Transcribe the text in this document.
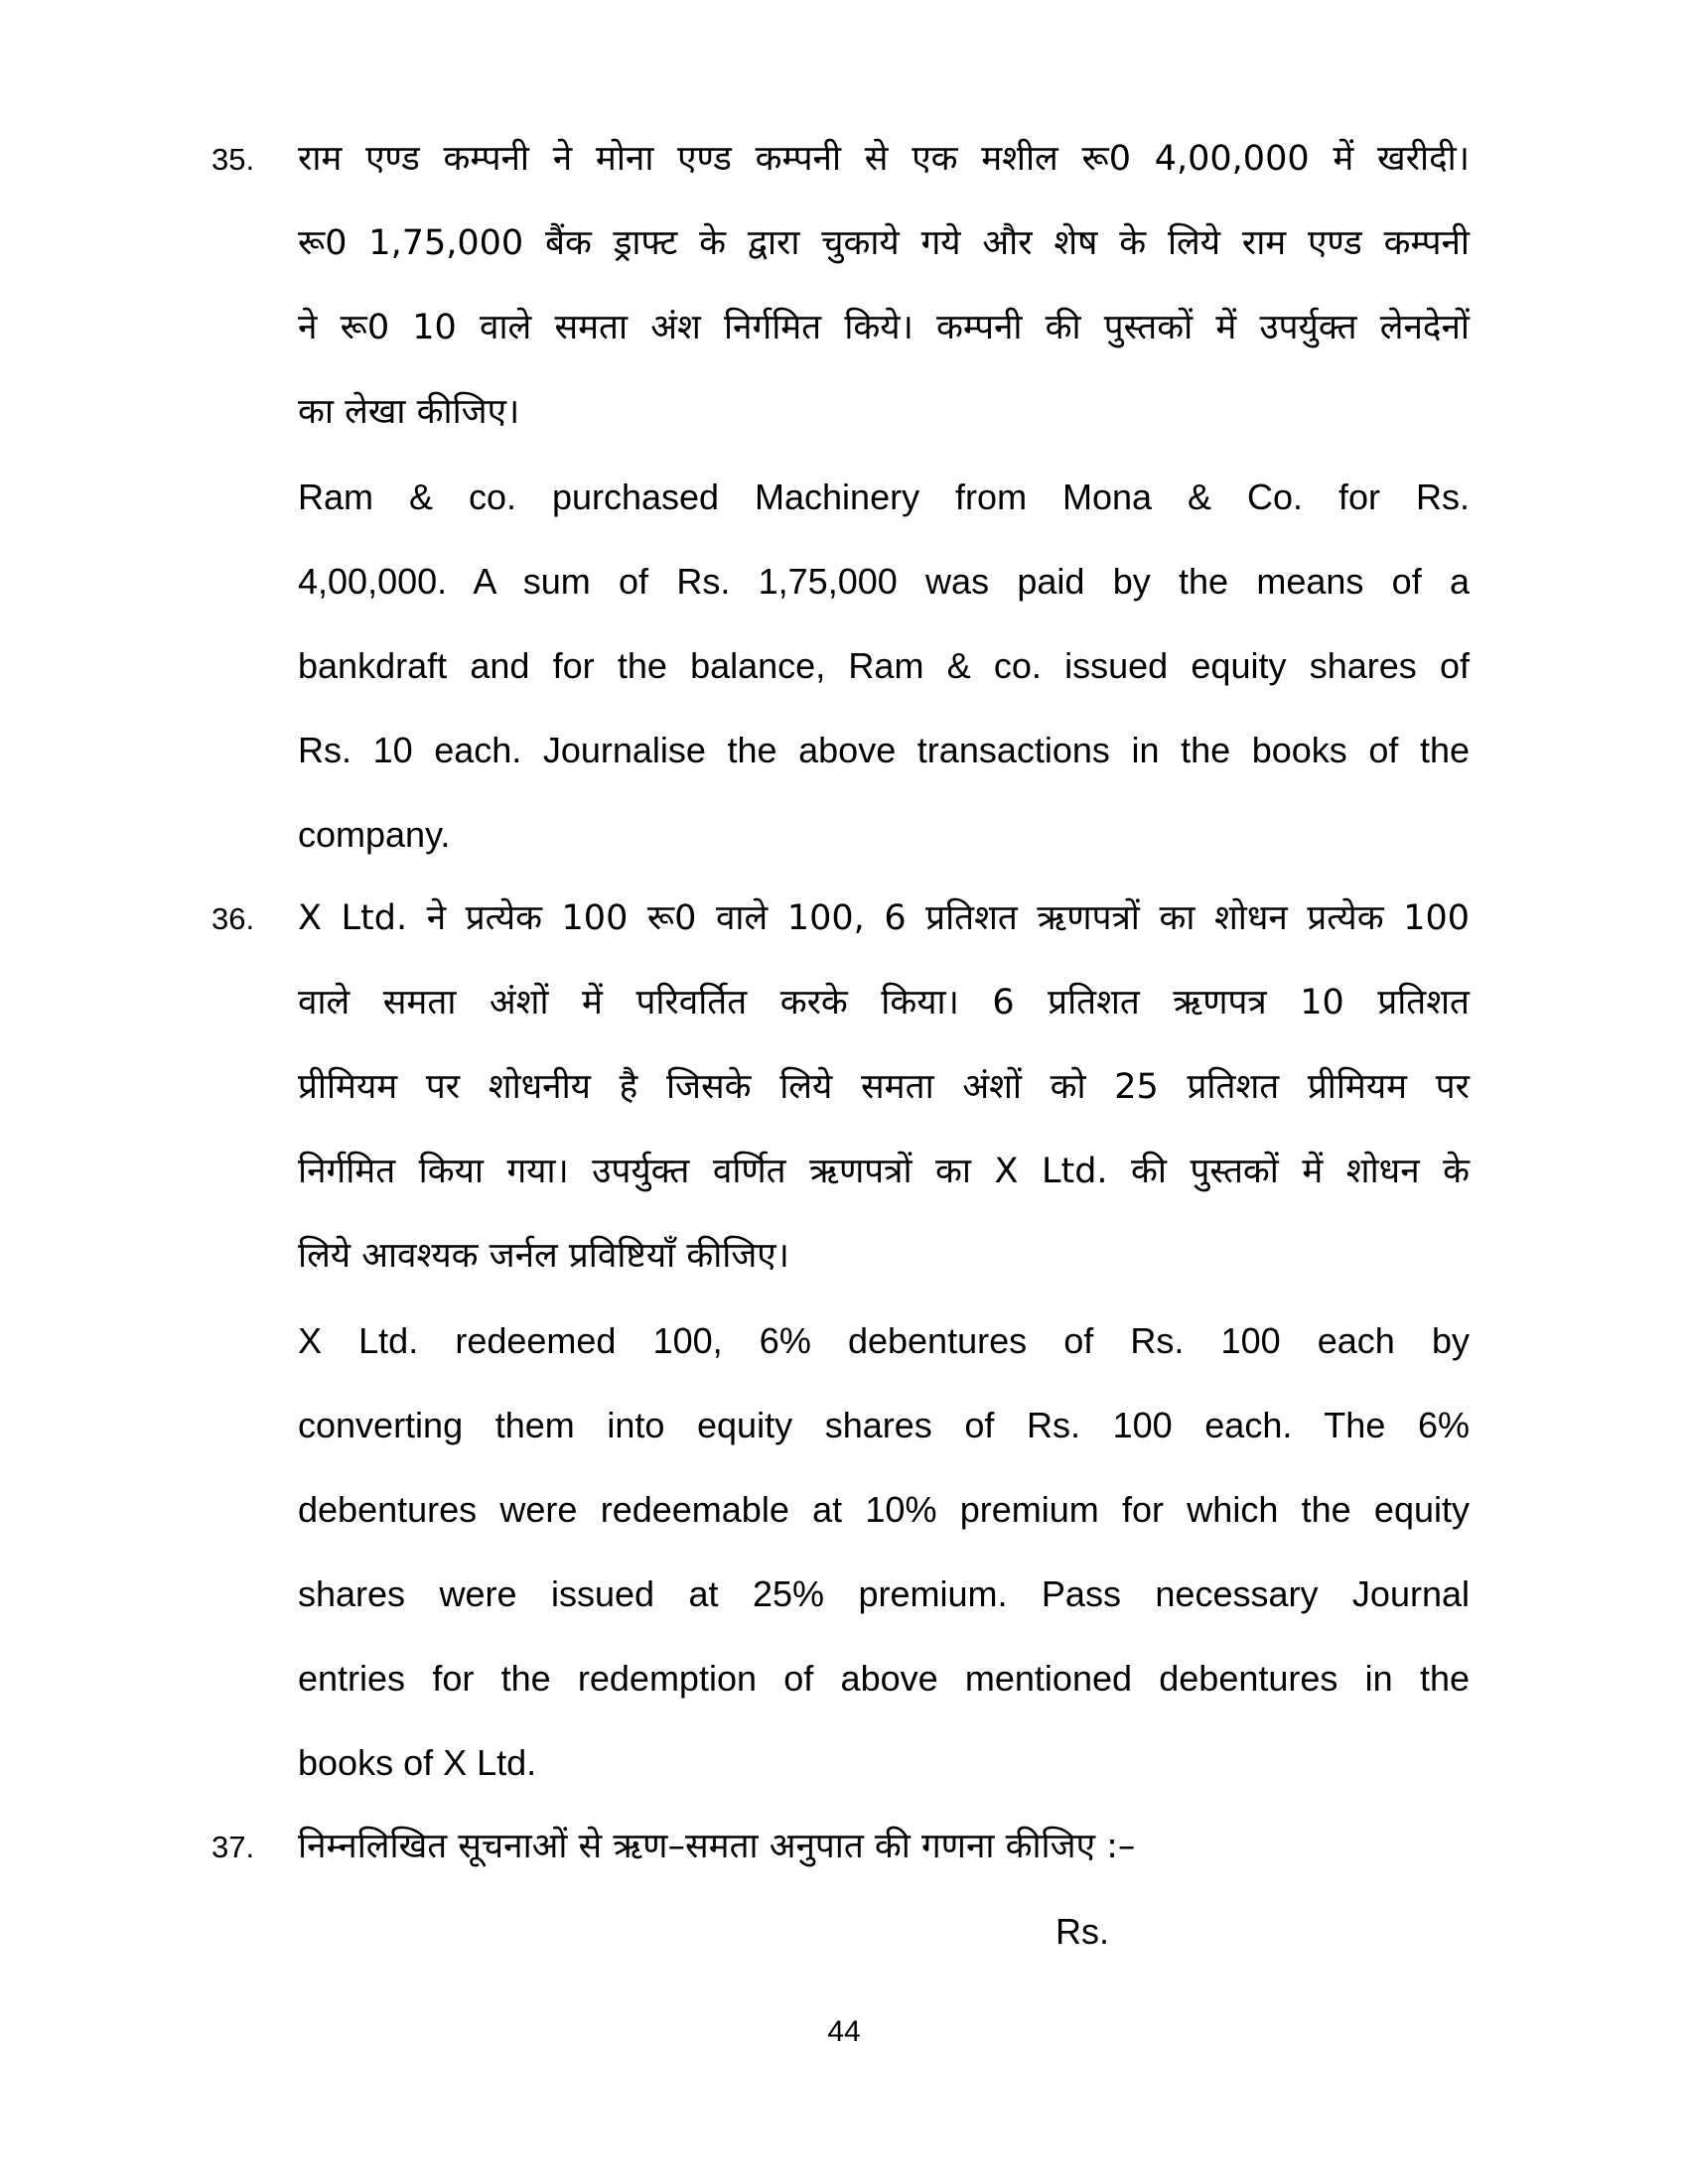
35. राम एण्ड कम्पनी ने मोना एण्ड कम्पनी से एक मशील रू0 4,00,000 में खरीदी।
रू0 1,75,000 बैंक ड्राफ्ट के द्वारा चुकाये गये और शेष के लिये राम एण्ड कम्पनी
ने रू0 10 वाले समता अंश निर्गमित किये। कम्पनी की पुस्तकों में उपर्युक्त लेनदेनों
का लेखा कीजिए।
Ram & co. purchased Machinery from Mona & Co. for Rs.
4,00,000. A sum of Rs. 1,75,000 was paid by the means of a
bankdraft and for the balance, Ram & co. issued equity shares of
Rs. 10 each. Journalise the above transactions in the books of the
company.
36. X Ltd. ने प्रत्येक 100 रू0 वाले 100, 6 प्रतिशत ऋणपत्रों का शोधन प्रत्येक 100
वाले समता अंशों में परिवर्तित करके किया। 6 प्रतिशत ऋणपत्र 10 प्रतिशत
प्रीमियम पर शोधनीय है जिसके लिये समता अंशों को 25 प्रतिशत प्रीमियम पर
निर्गमित किया गया। उपर्युक्त वर्णित ऋणपत्रों का X Ltd. की पुस्तकों में शोधन के
लिये आवश्यक जर्नल प्रविष्टियाँ कीजिए।
X Ltd. redeemed 100, 6% debentures of Rs. 100 each by
converting them into equity shares of Rs. 100 each. The 6%
debentures were redeemable at 10% premium for which the equity
shares were issued at 25% premium. Pass necessary Journal
entries for the redemption of above mentioned debentures in the
books of X Ltd.
37. निम्नलिखित सूचनाओं से ऋण–समता अनुपात की गणना कीजिए :–
Rs.
44
